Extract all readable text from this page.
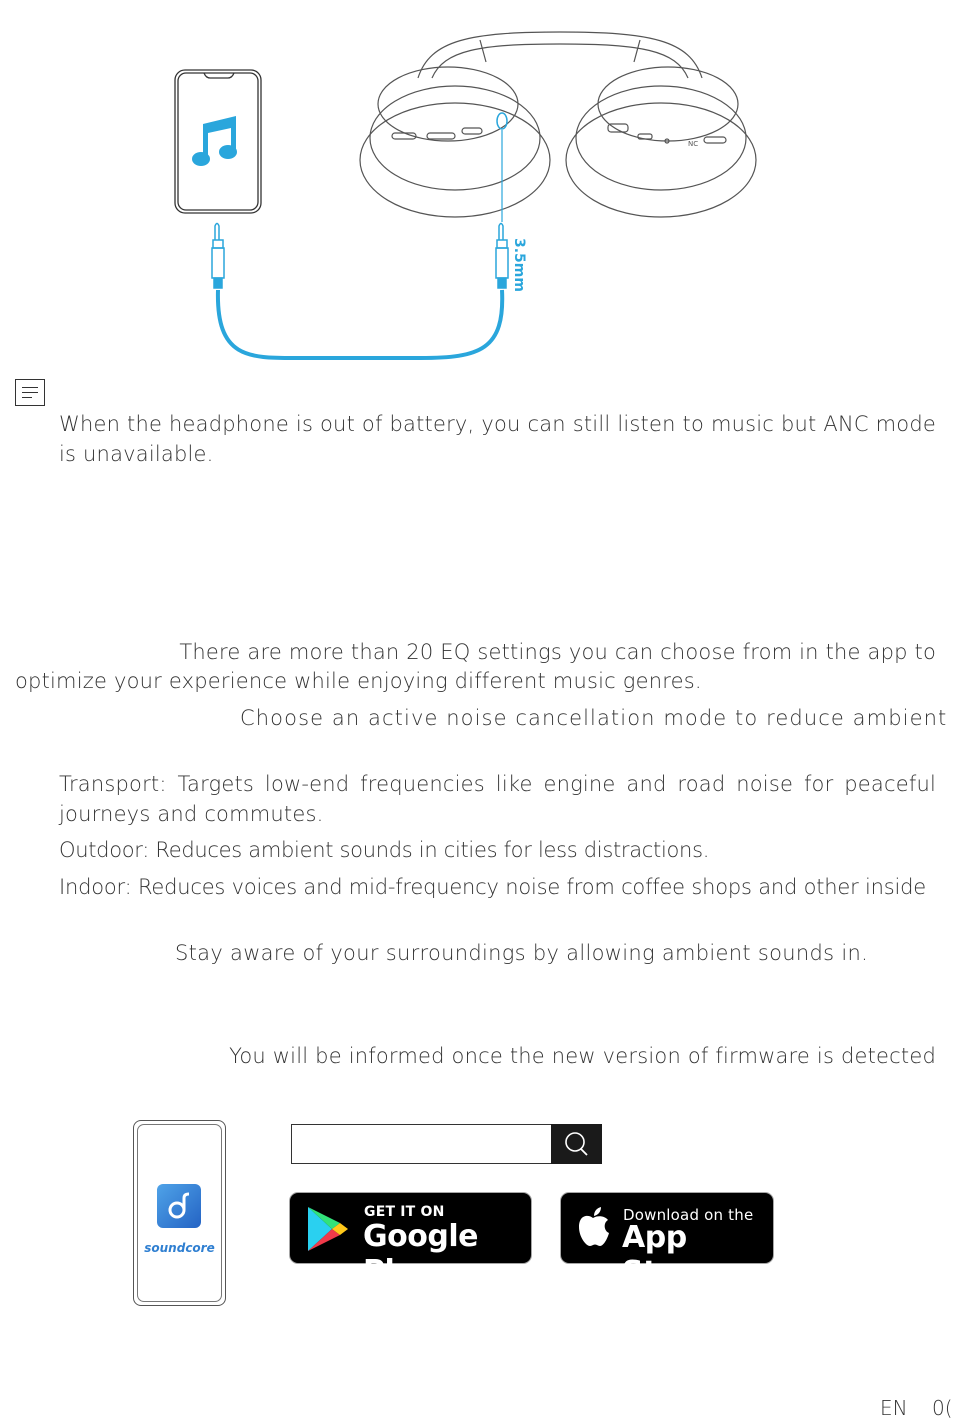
NC
3.5mm
When the headphone is out of battery, you can still listen to music but ANC mode is unavailable.
There are more than 20 EQ settings you can choose from in the app to
optimize your experience while enjoying different music genres.
Choose an active noise cancellation mode to reduce ambient
Transport: Targets low-end frequencies like engine and road noise for peaceful journeys and commutes.
Outdoor: Reduces ambient sounds in cities for less distractions.
Indoor: Reduces voices and mid-frequency noise from coffee shops and other inside
Stay aware of your surroundings by allowing ambient sounds in.
You will be informed once the new version of firmware is detected
soundcore
GET IT ON
Google Play
Download on the
App Store
EN 0(
